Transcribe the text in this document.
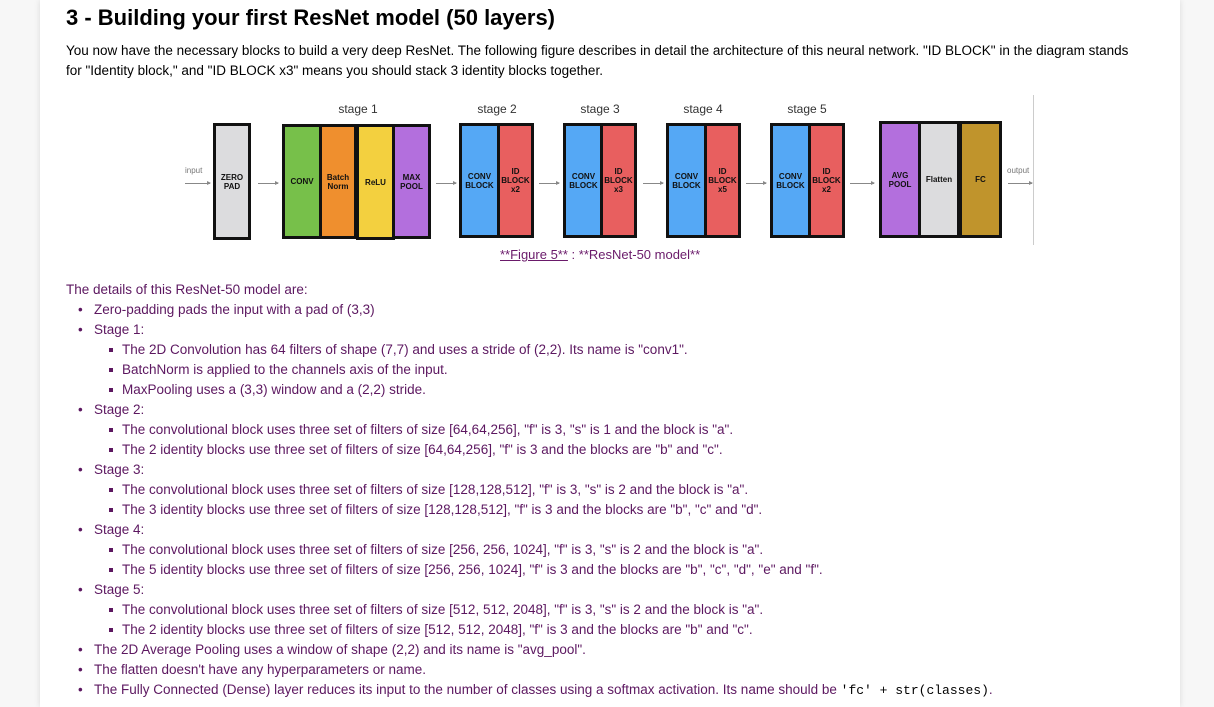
3 - Building your first ResNet model (50 layers)

You now have the necessary blocks to build a very deep ResNet. The following figure describes in detail the architecture of this neural network. "ID BLOCK" in the diagram stands for "Identity block," and "ID BLOCK x3" means you should stack 3 identity blocks together.

input	output
ZERO
PAD	CONV	Batch
Norm	ReLU
MAX
POOL
CONV
BLOCK
ID
BLOCK
x2
CONV
BLOCK
ID
BLOCK
x3
CONV
BLOCK
ID
BLOCK
x5
CONV
BLOCK
ID
BLOCK
x2
stage 1	stage 2	stage 3	stage 4	stage 5
AVG
POOL	Flatten	FC
**Figure 5** : **ResNet-50 model**
The details of this ResNet-50 model are:
• Zero-padding pads the input with a pad of (3,3)
• Stage 1:
The 2D Convolution has 64 filters of shape (7,7) and uses a stride of (2,2). Its name is "conv1".
BatchNorm is applied to the channels axis of the input.
MaxPooling uses a (3,3) window and a (2,2) stride.
• Stage 2:
The convolutional block uses three set of filters of size [64,64,256], "f" is 3, "s" is 1 and the block is "a".
The 2 identity blocks use three set of filters of size [64,64,256], "f" is 3 and the blocks are "b" and "c".
• Stage 3:
The convolutional block uses three set of filters of size [128,128,512], "f" is 3, "s" is 2 and the block is "a".
The 3 identity blocks use three set of filters of size [128,128,512], "f" is 3 and the blocks are "b", "c" and "d".
• Stage 4:
The convolutional block uses three set of filters of size [256, 256, 1024], "f" is 3, "s" is 2 and the block is "a".
The 5 identity blocks use three set of filters of size [256, 256, 1024], "f" is 3 and the blocks are "b", "c", "d", "e" and "f".
• Stage 5:
The convolutional block uses three set of filters of size [512, 512, 2048], "f" is 3, "s" is 2 and the block is "a".
The 2 identity blocks use three set of filters of size [512, 512, 2048], "f" is 3 and the blocks are "b" and "c".
• The 2D Average Pooling uses a window of shape (2,2) and its name is "avg_pool".
• The flatten doesn't have any hyperparameters or name.
• The Fully Connected (Dense) layer reduces its input to the number of classes using a softmax activation. Its name should be 'fc' + str(classes).
